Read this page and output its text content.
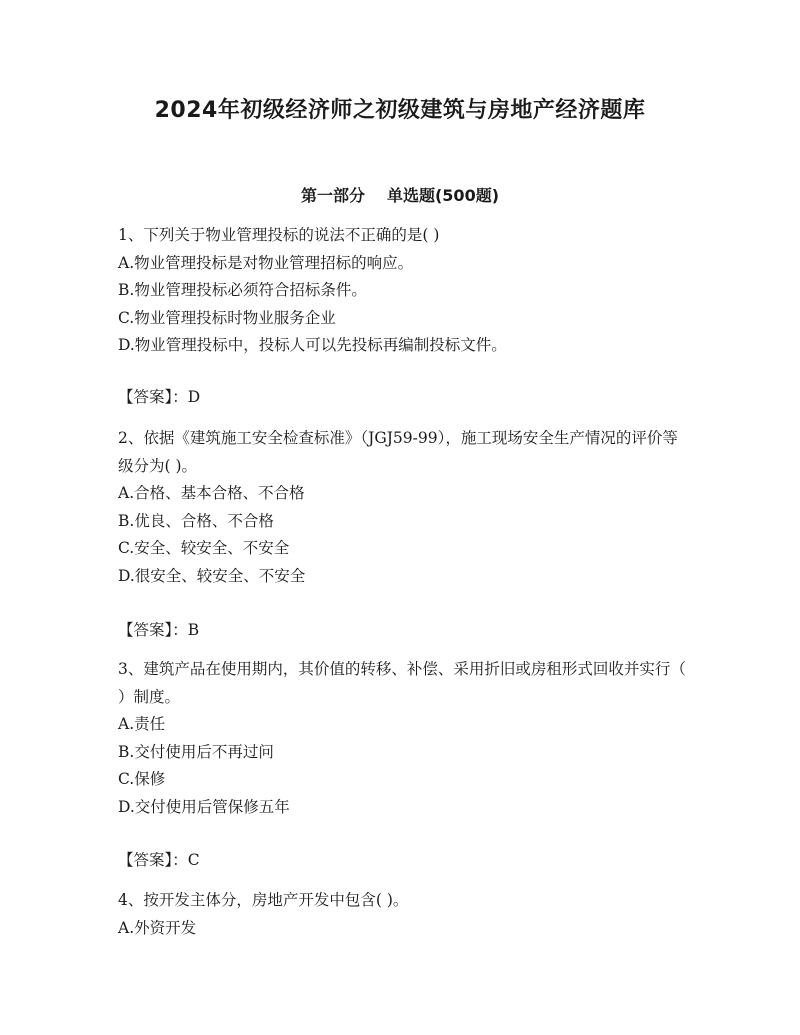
2024年初级经济师之初级建筑与房地产经济题库
第一部分 单选题(500题)
1、下列关于物业管理投标的说法不正确的是( )
A.物业管理投标是对物业管理招标的响应。
B.物业管理投标必须符合招标条件。
C.物业管理投标时物业服务企业
D.物业管理投标中，投标人可以先投标再编制投标文件。
【答案】：D
2、依据《建筑施工安全检查标准》（JGJ59-99），施工现场安全生产情况的评价等级分为( )。
A.合格、基本合格、不合格
B.优良、合格、不合格
C.安全、较安全、不安全
D.很安全、较安全、不安全
【答案】：B
3、建筑产品在使用期内，其价值的转移、补偿、采用折旧或房租形式回收并实行（ ）制度。
A.责任
B.交付使用后不再过问
C.保修
D.交付使用后管保修五年
【答案】：C
4、按开发主体分，房地产开发中包含( )。
A.外资开发
